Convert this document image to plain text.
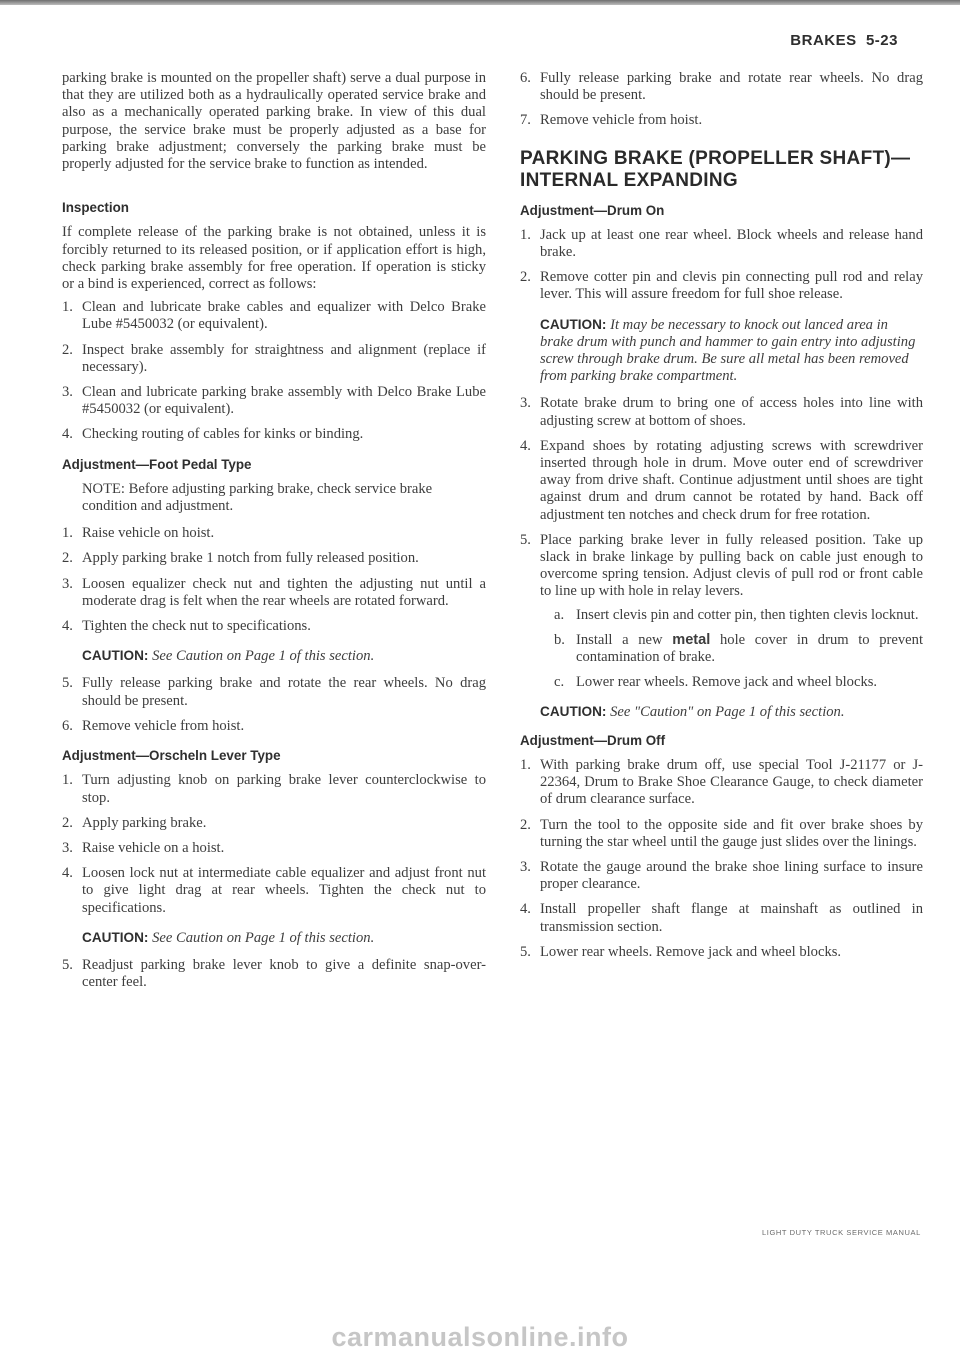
BRAKES 5-23

parking brake is mounted on the propeller shaft) serve a dual purpose in that they are utilized both as a hydraulically operated service brake and also as a mechanically operated parking brake. In view of this dual purpose, the service brake must be properly adjusted as a base for parking brake adjustment; conversely the parking brake must be properly adjusted for the service brake to function as intended.

Inspection

If complete release of the parking brake is not obtained, unless it is forcibly returned to its released position, or if application effort is high, check parking brake assembly for free operation. If operation is sticky or a bind is experienced, correct as follows:

1. Clean and lubricate brake cables and equalizer with Delco Brake Lube #5450032 (or equivalent).
2. Inspect brake assembly for straightness and alignment (replace if necessary).
3. Clean and lubricate parking brake assembly with Delco Brake Lube #5450032 (or equivalent).
4. Checking routing of cables for kinks or binding.
Adjustment—Foot Pedal Type

NOTE: Before adjusting parking brake, check service brake condition and adjustment.

1. Raise vehicle on hoist.
2. Apply parking brake 1 notch from fully released position.
3. Loosen equalizer check nut and tighten the adjusting nut until a moderate drag is felt when the rear wheels are rotated forward.
4. Tighten the check nut to specifications.

CAUTION: See Caution on Page 1 of this section.

5. Fully release parking brake and rotate the rear wheels. No drag should be present.
6. Remove vehicle from hoist.
Adjustment—Orscheln Lever Type
1. Turn adjusting knob on parking brake lever counterclockwise to stop.
2. Apply parking brake.
3. Raise vehicle on a hoist.
4. Loosen lock nut at intermediate cable equalizer and adjust front nut to give light drag at rear wheels. Tighten the check nut to specifications.

CAUTION: See Caution on Page 1 of this section.

5. Readjust parking brake lever knob to give a definite snap-over-center feel.
6. Fully release parking brake and rotate rear wheels. No drag should be present.
7. Remove vehicle from hoist.
PARKING BRAKE (PROPELLER SHAFT)— INTERNAL EXPANDING
Adjustment—Drum On
1. Jack up at least one rear wheel. Block wheels and release hand brake.
2. Remove cotter pin and clevis pin connecting pull rod and relay lever. This will assure freedom for full shoe release.

CAUTION: It may be necessary to knock out lanced area in brake drum with punch and hammer to gain entry into adjusting screw through brake drum. Be sure all metal has been removed from parking brake compartment.

3. Rotate brake drum to bring one of access holes into line with adjusting screw at bottom of shoes.
4. Expand shoes by rotating adjusting screws with screwdriver inserted through hole in drum. Move outer end of screwdriver away from drive shaft. Continue adjustment until shoes are tight against drum and drum cannot be rotated by hand. Back off adjustment ten notches and check drum for free rotation.
5. Place parking brake lever in fully released position. Take up slack in brake linkage by pulling back on cable just enough to overcome spring tension. Adjust clevis of pull rod or front cable to line up with hole in relay levers.
a. Insert clevis pin and cotter pin, then tighten clevis locknut.
b. Install a new metal hole cover in drum to prevent contamination of brake.
c. Lower rear wheels. Remove jack and wheel blocks.

CAUTION: See "Caution" on Page 1 of this section.

Adjustment—Drum Off
1. With parking brake drum off, use special Tool J-21177 or J-22364, Drum to Brake Shoe Clearance Gauge, to check diameter of drum clearance surface.
2. Turn the tool to the opposite side and fit over brake shoes by turning the star wheel until the gauge just slides over the linings.
3. Rotate the gauge around the brake shoe lining surface to insure proper clearance.
4. Install propeller shaft flange at mainshaft as outlined in transmission section.
5. Lower rear wheels. Remove jack and wheel blocks.
LIGHT DUTY TRUCK SERVICE MANUAL
carmanualsonline.info
